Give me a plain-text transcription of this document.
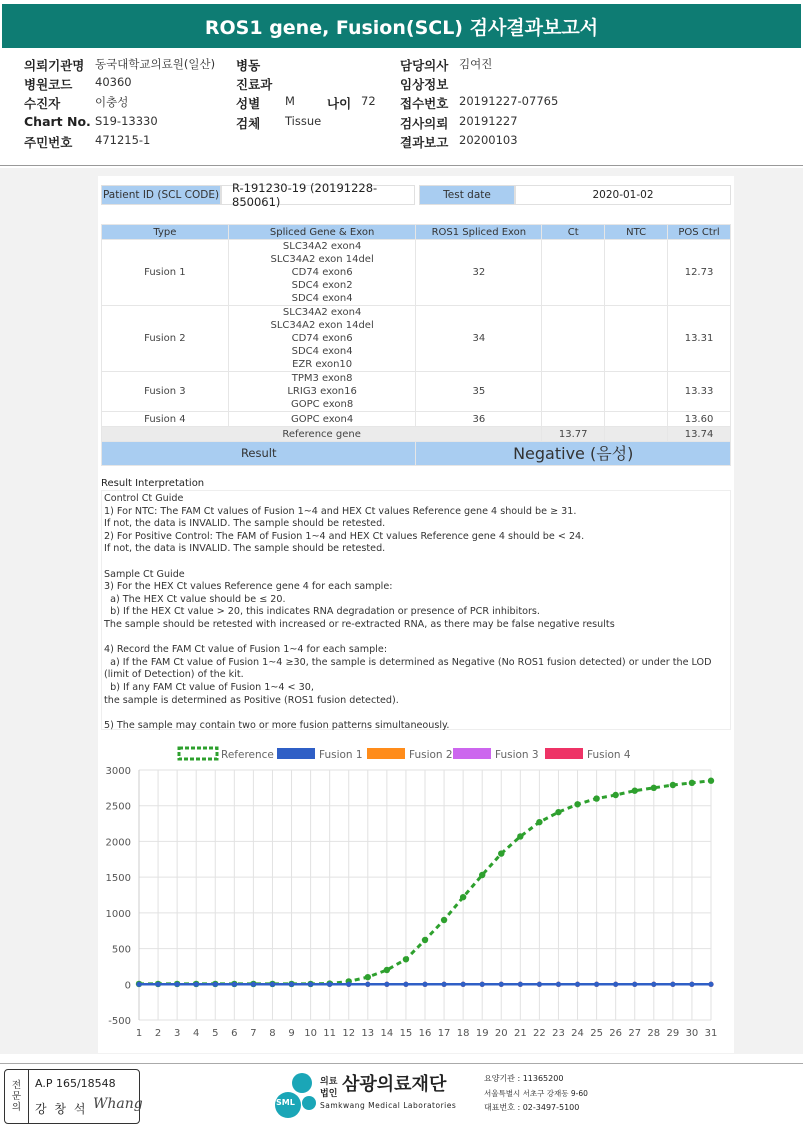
ROS1 gene, Fusion(SCL) 검사결과보고서
의뢰기관명 동국대학교의료원(일산) 병동	담당의사 김여진
병원코드 40360	진료과	임상정보
수진자	이충성	성별 M	나이 72 접수번호 20191227-07765
Chart No. S19-13330	검체 Tissue	검사의뢰 20191227
주민번호 471215-1	결과보고 20200103
Patient ID (SCL CODE)	R-191230-19 (20191228-850061)	Test date	2020-01-02
Type	Spliced Gene & Exon	ROS1 Spliced Exon	Ct	NTC	POS Ctrl
Fusion 1	SLC34A2 exon4
SLC34A2 exon 14del
CD74 exon6
SDC4 exon2
SDC4 exon4	32			12.73
Fusion 2	SLC34A2 exon4
SLC34A2 exon 14del
CD74 exon6
SDC4 exon4
EZR exon10	34			13.31
Fusion 3	TPM3 exon8
LRIG3 exon16
GOPC exon8	35			13.33
Fusion 4	GOPC exon4	36			13.60
Reference gene			13.77		13.74
Result		Negative (음성)			
Result Interpretation
Control Ct Guide
1) For NTC: The FAM Ct values of Fusion 1~4 and HEX Ct values Reference gene 4 should be ≥ 31.
If not, the data is INVALID. The sample should be retested.
2) For Positive Control: The FAM of Fusion 1~4 and HEX Ct values Reference gene 4 should be < 24.
If not, the data is INVALID. The sample should be retested.

Sample Ct Guide
3) For the HEX Ct values Reference gene 4 for each sample:
a) The HEX Ct value should be ≤ 20.
b) If the HEX Ct value > 20, this indicates RNA degradation or presence of PCR inhibitors.
The sample should be retested with increased or re-extracted RNA, as there may be false negative results

4) Record the FAM Ct value of Fusion 1~4 for each sample:
a) If the FAM Ct value of Fusion 1~4 ≥30, the sample is determined as Negative (No ROS1 fusion detected) or under the LOD (limit of Detection) of the kit.
b) If any FAM Ct value of Fusion 1~4 < 30,
the sample is determined as Positive (ROS1 fusion detected).

5) The sample may contain two or more fusion patterns simultaneously.
-500
0
500
1000
1500
2000
2500
3000
1 2 3 4 5 6 7 8 9 10 11 12 13 14 15 16 17 18 19 20 21 22 23 24 25 26 27 28 29 30 31
Reference	Fusion 1	Fusion 2	Fusion 3	Fusion 4
전
문
의
A.P 165/18548
강 창 석 Whang	SML
의료
법인 삼광의료재단
Samkwang Medical Laboratories
요양기관 : 11365200
서울특별시 서초구 강재동 9-60
대표번호 : 02-3497-5100
